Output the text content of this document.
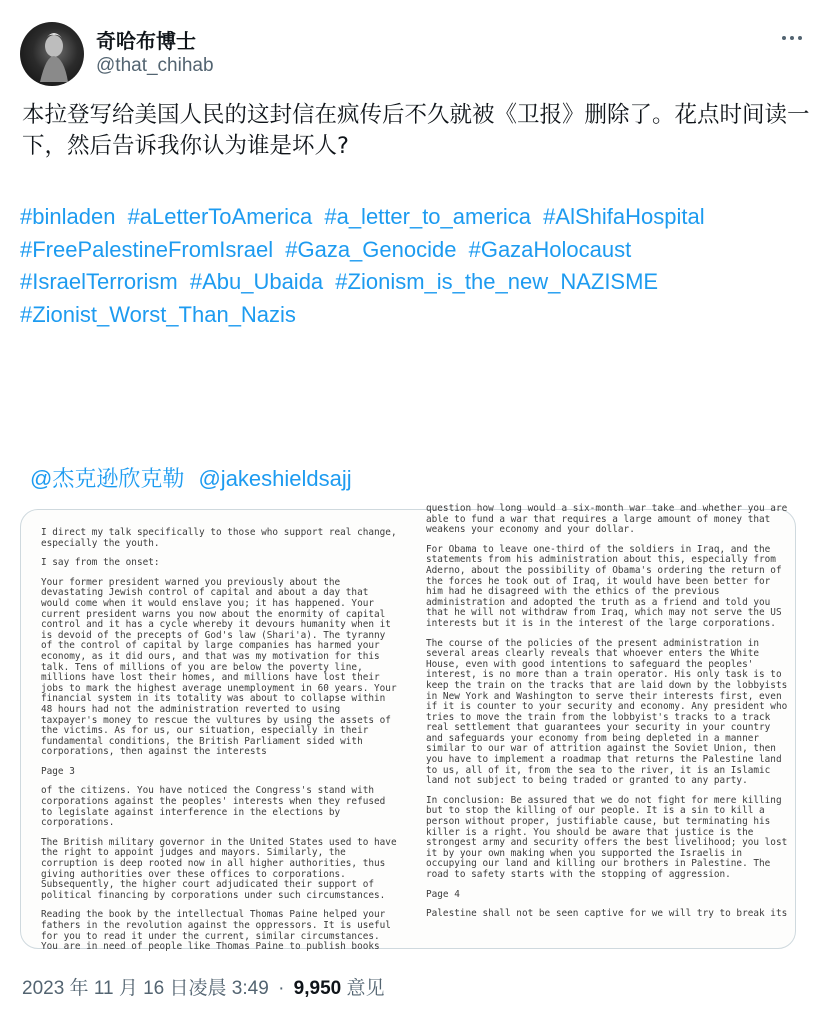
奇哈布博士
@that_chihab
本拉登写给美国人民的这封信在疯传后不久就被《卫报》删除了。花点时间读一下，然后告诉我你认为谁是坏人?
#binladen #aLetterToAmerica #a_letter_to_america #AlShifaHospital
#FreePalestineFromIsrael #Gaza_Genocide #GazaHolocaust
#IsraelTerrorism #Abu_Ubaida #Zionism_is_the_new_NAZISME
#Zionist_Worst_Than_Nazis
@杰克逊欣克勒 @jakeshieldsajj
I direct my talk specifically to those who support real change, especially the youth.
I say from the onset:
Your former president warned you previously about the devastating Jewish control of capital and about a day that would come when it would enslave you; it has happened. Your current president warns you now about the enormity of capital control and it has a cycle whereby it devours humanity when it is devoid of the precepts of God's law (Shari'a). The tyranny of the control of capital by large companies has harmed your economy, as it did ours, and that was my motivation for this talk. Tens of millions of you are below the poverty line, millions have lost their homes, and millions have lost their jobs to mark the highest average unemployment in 60 years. Your financial system in its totality was about to collapse within 48 hours had not the administration reverted to using taxpayer's money to rescue the vultures by using the assets of the victims. As for us, our situation, especially in their fundamental conditions, the British Parliament sided with corporations, then against the interests
Page 3
of the citizens. You have noticed the Congress's stand with corporations against the peoples' interests when they refused to legislate against interference in the elections by corporations.
The British military governor in the United States used to have the right to appoint judges and mayors. Similarly, the corruption is deep rooted now in all higher authorities, thus giving authorities over these offices to corporations. Subsequently, the higher court adjudicated their support of political financing by corporations under such circumstances.
Reading the book by the intellectual Thomas Paine helped your fathers in the revolution against the oppressors. It is useful for you to read it under the current, similar circumstances. You are in need of people like Thomas Paine to publish books
question how long would a six-month war take and whether you are able to fund a war that requires a large amount of money that weakens your economy and your dollar.
For Obama to leave one-third of the soldiers in Iraq, and the statements from his administration about this, especially from Aderno, about the possibility of Obama's ordering the return of the forces he took out of Iraq, it would have been better for him had he disagreed with the ethics of the previous administration and adopted the truth as a friend and told you that he will not withdraw from Iraq, which may not serve the US interests but it is in the interest of the large corporations.
The course of the policies of the present administration in several areas clearly reveals that whoever enters the White House, even with good intentions to safeguard the peoples' interest, is no more than a train operator. His only task is to keep the train on the tracks that are laid down by the lobbyists in New York and Washington to serve their interests first, even if it is counter to your security and economy. Any president who tries to move the train from the lobbyist's tracks to a track real settlement that guarantees your security in your country and safeguards your economy from being depleted in a manner similar to our war of attrition against the Soviet Union, then you have to implement a roadmap that returns the Palestine land to us, all of it, from the sea to the river, it is an Islamic land not subject to being traded or granted to any party.
In conclusion: Be assured that we do not fight for mere killing but to stop the killing of our people. It is a sin to kill a person without proper, justifiable cause, but terminating his killer is a right. You should be aware that justice is the strongest army and security offers the best livelihood; you lost it by your own making when you supported the Israelis in occupying our land and killing our brothers in Palestine. The road to safety starts with the stopping of aggression.
Page 4
Palestine shall not be seen captive for we will try to break its
2023 年 11 月 16 日凌晨 3:49 · 9,950 意见
